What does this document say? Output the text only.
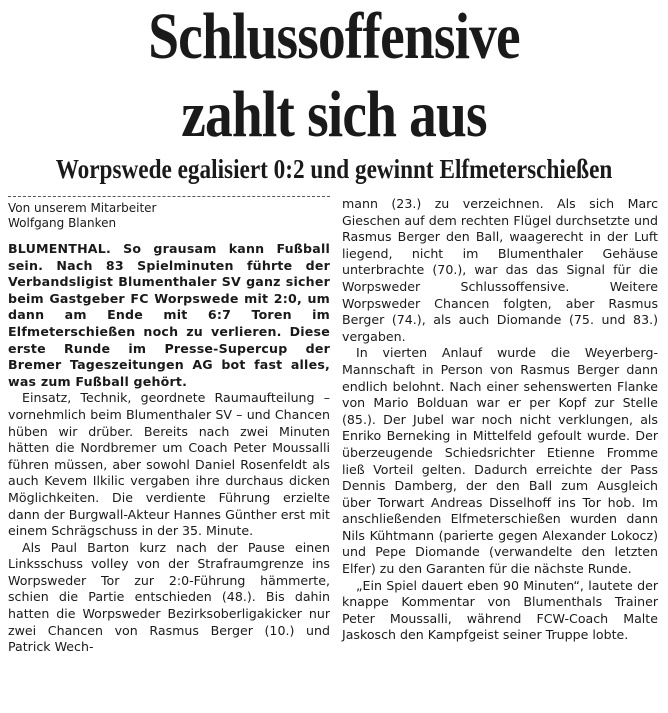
Schlussoffensive
zahlt sich aus
Worpswede egalisiert 0:2 und gewinnt Elfmeterschießen

Von unserem Mitarbeiter

Wolfgang Blanken

BLUMENTHAL. So grausam kann Fußball sein. Nach 83 Spielminuten führte der Verbandsligist Blumenthaler SV ganz sicher beim Gastgeber FC Worpswede mit 2:0, um dann am Ende mit 6:7 Toren im Elfmeterschießen noch zu verlieren. Diese erste Runde im Presse-Supercup der Bremer Tageszeitungen AG bot fast alles, was zum Fußball gehört.

Einsatz, Technik, geordnete Raumaufteilung – vornehmlich beim Blumenthaler SV – und Chancen hüben wir drüber. Bereits nach zwei Minuten hätten die Nordbremer um Coach Peter Moussalli führen müssen, aber sowohl Daniel Rosenfeldt als auch Kevem Ilkilic vergaben ihre durchaus dicken Möglichkeiten. Die verdiente Führung erzielte dann der Burgwall-Akteur Hannes Günther erst mit einem Schrägschuss in der 35. Minute.

Als Paul Barton kurz nach der Pause einen Linksschuss volley von der Strafraumgrenze ins Worpsweder Tor zur 2:0-Führung hämmerte, schien die Partie entschieden (48.). Bis dahin hatten die Worpsweder Bezirksoberligakicker nur zwei Chancen von Rasmus Berger (10.) und Patrick Wech-

mann (23.) zu verzeichnen. Als sich Marc Gieschen auf dem rechten Flügel durchsetzte und Rasmus Berger den Ball, waagerecht in der Luft liegend, nicht im Blumenthaler Gehäuse unterbrachte (70.), war das das Signal für die Worpsweder Schlussoffensive. Weitere Worpsweder Chancen folgten, aber Rasmus Berger (74.), als auch Diomande (75. und 83.) vergaben.

In vierten Anlauf wurde die Weyerberg-Mannschaft in Person von Rasmus Berger dann endlich belohnt. Nach einer sehenswerten Flanke von Mario Bolduan war er per Kopf zur Stelle (85.). Der Jubel war noch nicht verklungen, als Enriko Berneking in Mittelfeld gefoult wurde. Der überzeugende Schiedsrichter Etienne Fromme ließ Vorteil gelten. Dadurch erreichte der Pass Dennis Damberg, der den Ball zum Ausgleich über Torwart Andreas Disselhoff ins Tor hob. Im anschließenden Elfmeterschießen wurden dann Nils Kühtmann (parierte gegen Alexander Lokocz) und Pepe Diomande (verwandelte den letzten Elfer) zu den Garanten für die nächste Runde.

„Ein Spiel dauert eben 90 Minuten“, lautete der knappe Kommentar von Blumenthals Trainer Peter Moussalli, während FCW-Coach Malte Jaskosch den Kampfgeist seiner Truppe lobte.
